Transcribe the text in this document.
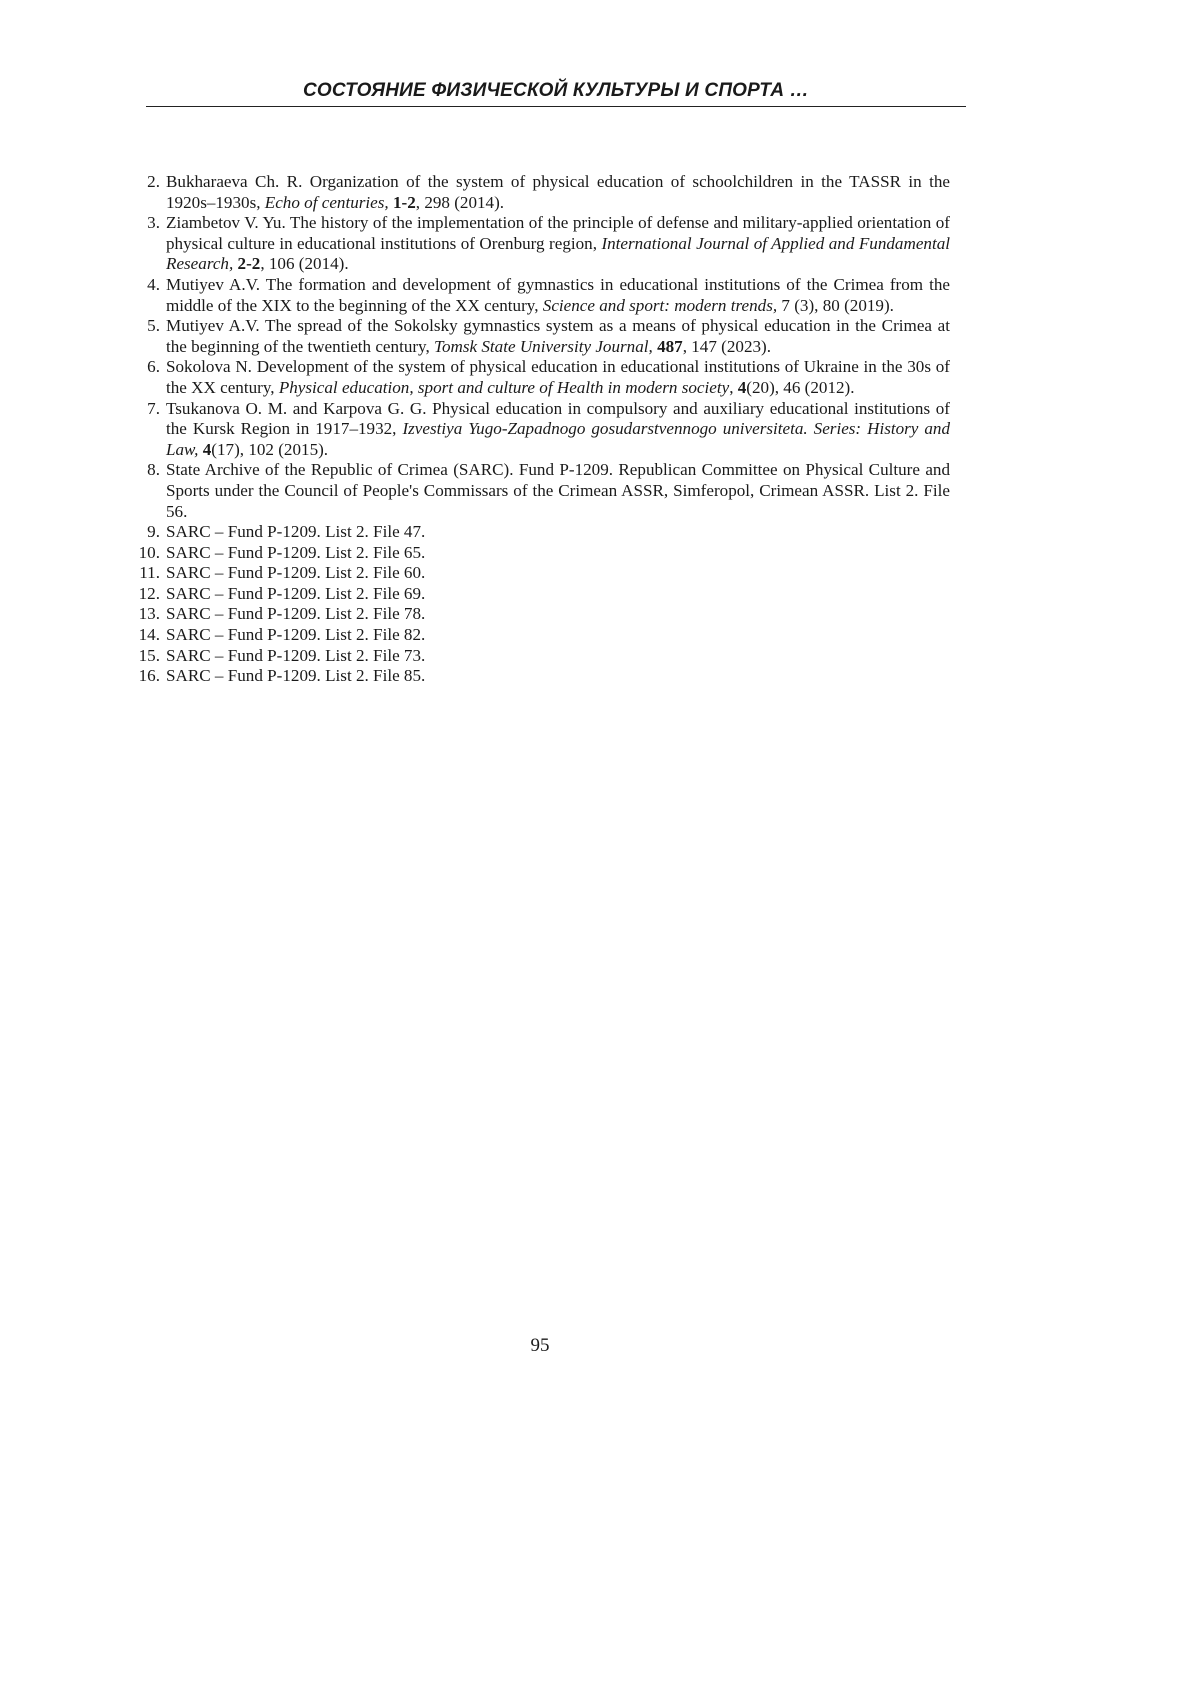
СОСТОЯНИЕ ФИЗИЧЕСКОЙ КУЛЬТУРЫ И СПОРТА …
2. Bukharaeva Ch. R. Organization of the system of physical education of schoolchildren in the TASSR in the 1920s–1930s, Echo of centuries, 1-2, 298 (2014).
3. Ziambetov V. Yu. The history of the implementation of the principle of defense and military-applied orientation of physical culture in educational institutions of Orenburg region, International Journal of Applied and Fundamental Research, 2-2, 106 (2014).
4. Mutiyev A.V. The formation and development of gymnastics in educational institutions of the Crimea from the middle of the XIX to the beginning of the XX century, Science and sport: modern trends, 7 (3), 80 (2019).
5. Mutiyev A.V. The spread of the Sokolsky gymnastics system as a means of physical education in the Crimea at the beginning of the twentieth century, Tomsk State University Journal, 487, 147 (2023).
6. Sokolova N. Development of the system of physical education in educational institutions of Ukraine in the 30s of the XX century, Physical education, sport and culture of Health in modern society, 4(20), 46 (2012).
7. Tsukanova O. M. and Karpova G. G. Physical education in compulsory and auxiliary educational institutions of the Kursk Region in 1917–1932, Izvestiya Yugo-Zapadnogo gosudarstvennogo universiteta. Series: History and Law, 4(17), 102 (2015).
8. State Archive of the Republic of Crimea (SARC). Fund P-1209. Republican Committee on Physical Culture and Sports under the Council of People's Commissars of the Crimean ASSR, Simferopol, Crimean ASSR. List 2. File 56.
9. SARC – Fund P-1209. List 2. File 47.
10. SARC – Fund P-1209. List 2. File 65.
11. SARC – Fund P-1209. List 2. File 60.
12. SARC – Fund P-1209. List 2. File 69.
13. SARC – Fund P-1209. List 2. File 78.
14. SARC – Fund P-1209. List 2. File 82.
15. SARC – Fund P-1209. List 2. File 73.
16. SARC – Fund P-1209. List 2. File 85.
95
